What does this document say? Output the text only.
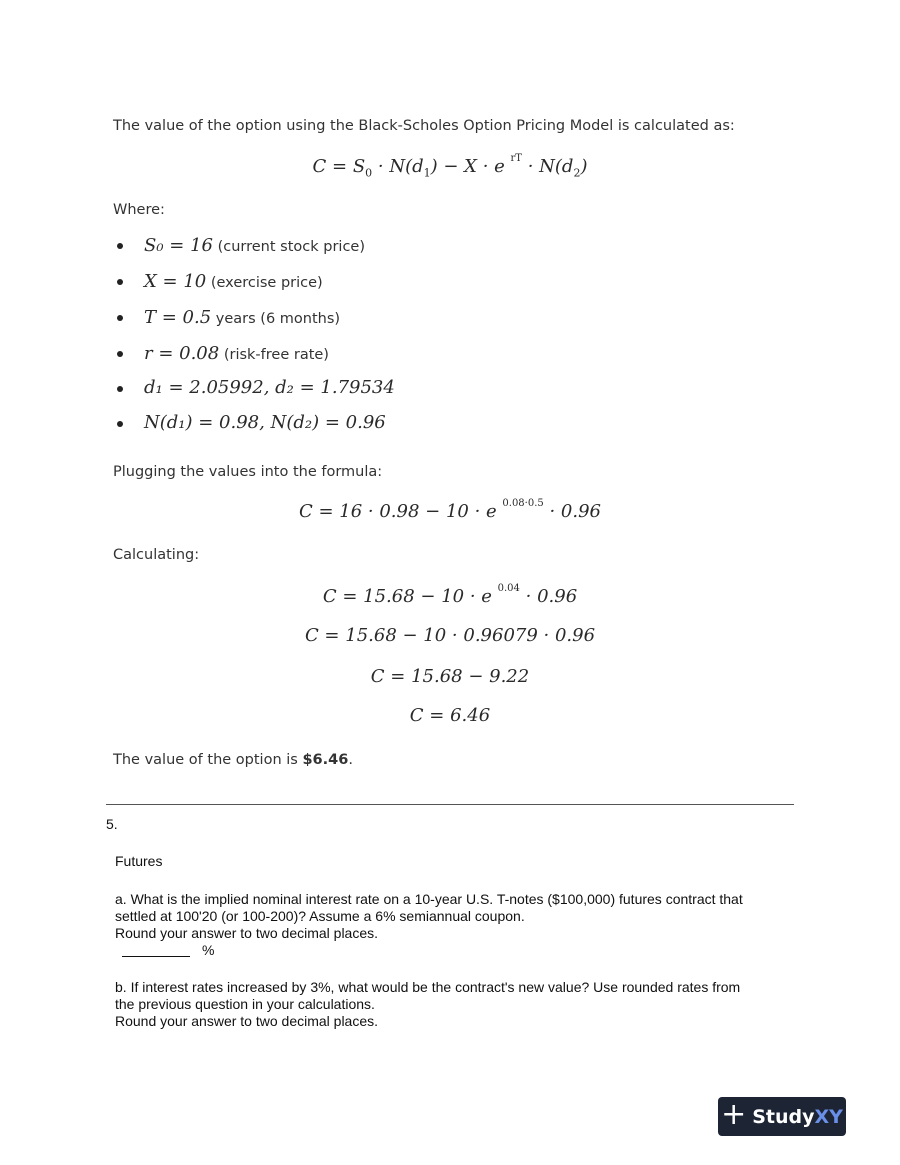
The value of the option using the Black-Scholes Option Pricing Model is calculated as:
$C = S_0 \cdot N(d_1) - X \cdot e$ $^{rT} \cdot N(d_2)$
Where:
S₀ = 16 (current stock price)
X = 10 (exercise price)
T = 0.5 years (6 months)
r = 0.08 (risk-free rate)
d₁ = 2.05992, d₂ = 1.79534
N(d₁) = 0.98, N(d₂) = 0.96
Plugging the values into the formula:
C = 16 · 0.98 − 10 · e $^{0.08\cdot 0.5}$ · 0.96
Calculating:
C = 15.68 − 10 · e $^{0.04}$ · 0.96
C = 15.68 − 10 · 0.96079 · 0.96
C = 15.68 − 9.22
C = 6.46
The value of the option is $6.46.
5.
Futures
a. What is the implied nominal interest rate on a 10-year U.S. T-notes ($100,000) futures contract that
settled at 100'20 (or 100-200)? Assume a 6% semiannual coupon.
Round your answer to two decimal places.
%
b. If interest rates increased by 3%, what would be the contract's new value? Use rounded rates from
the previous question in your calculations.
Round your answer to two decimal places.
+ Study XY
